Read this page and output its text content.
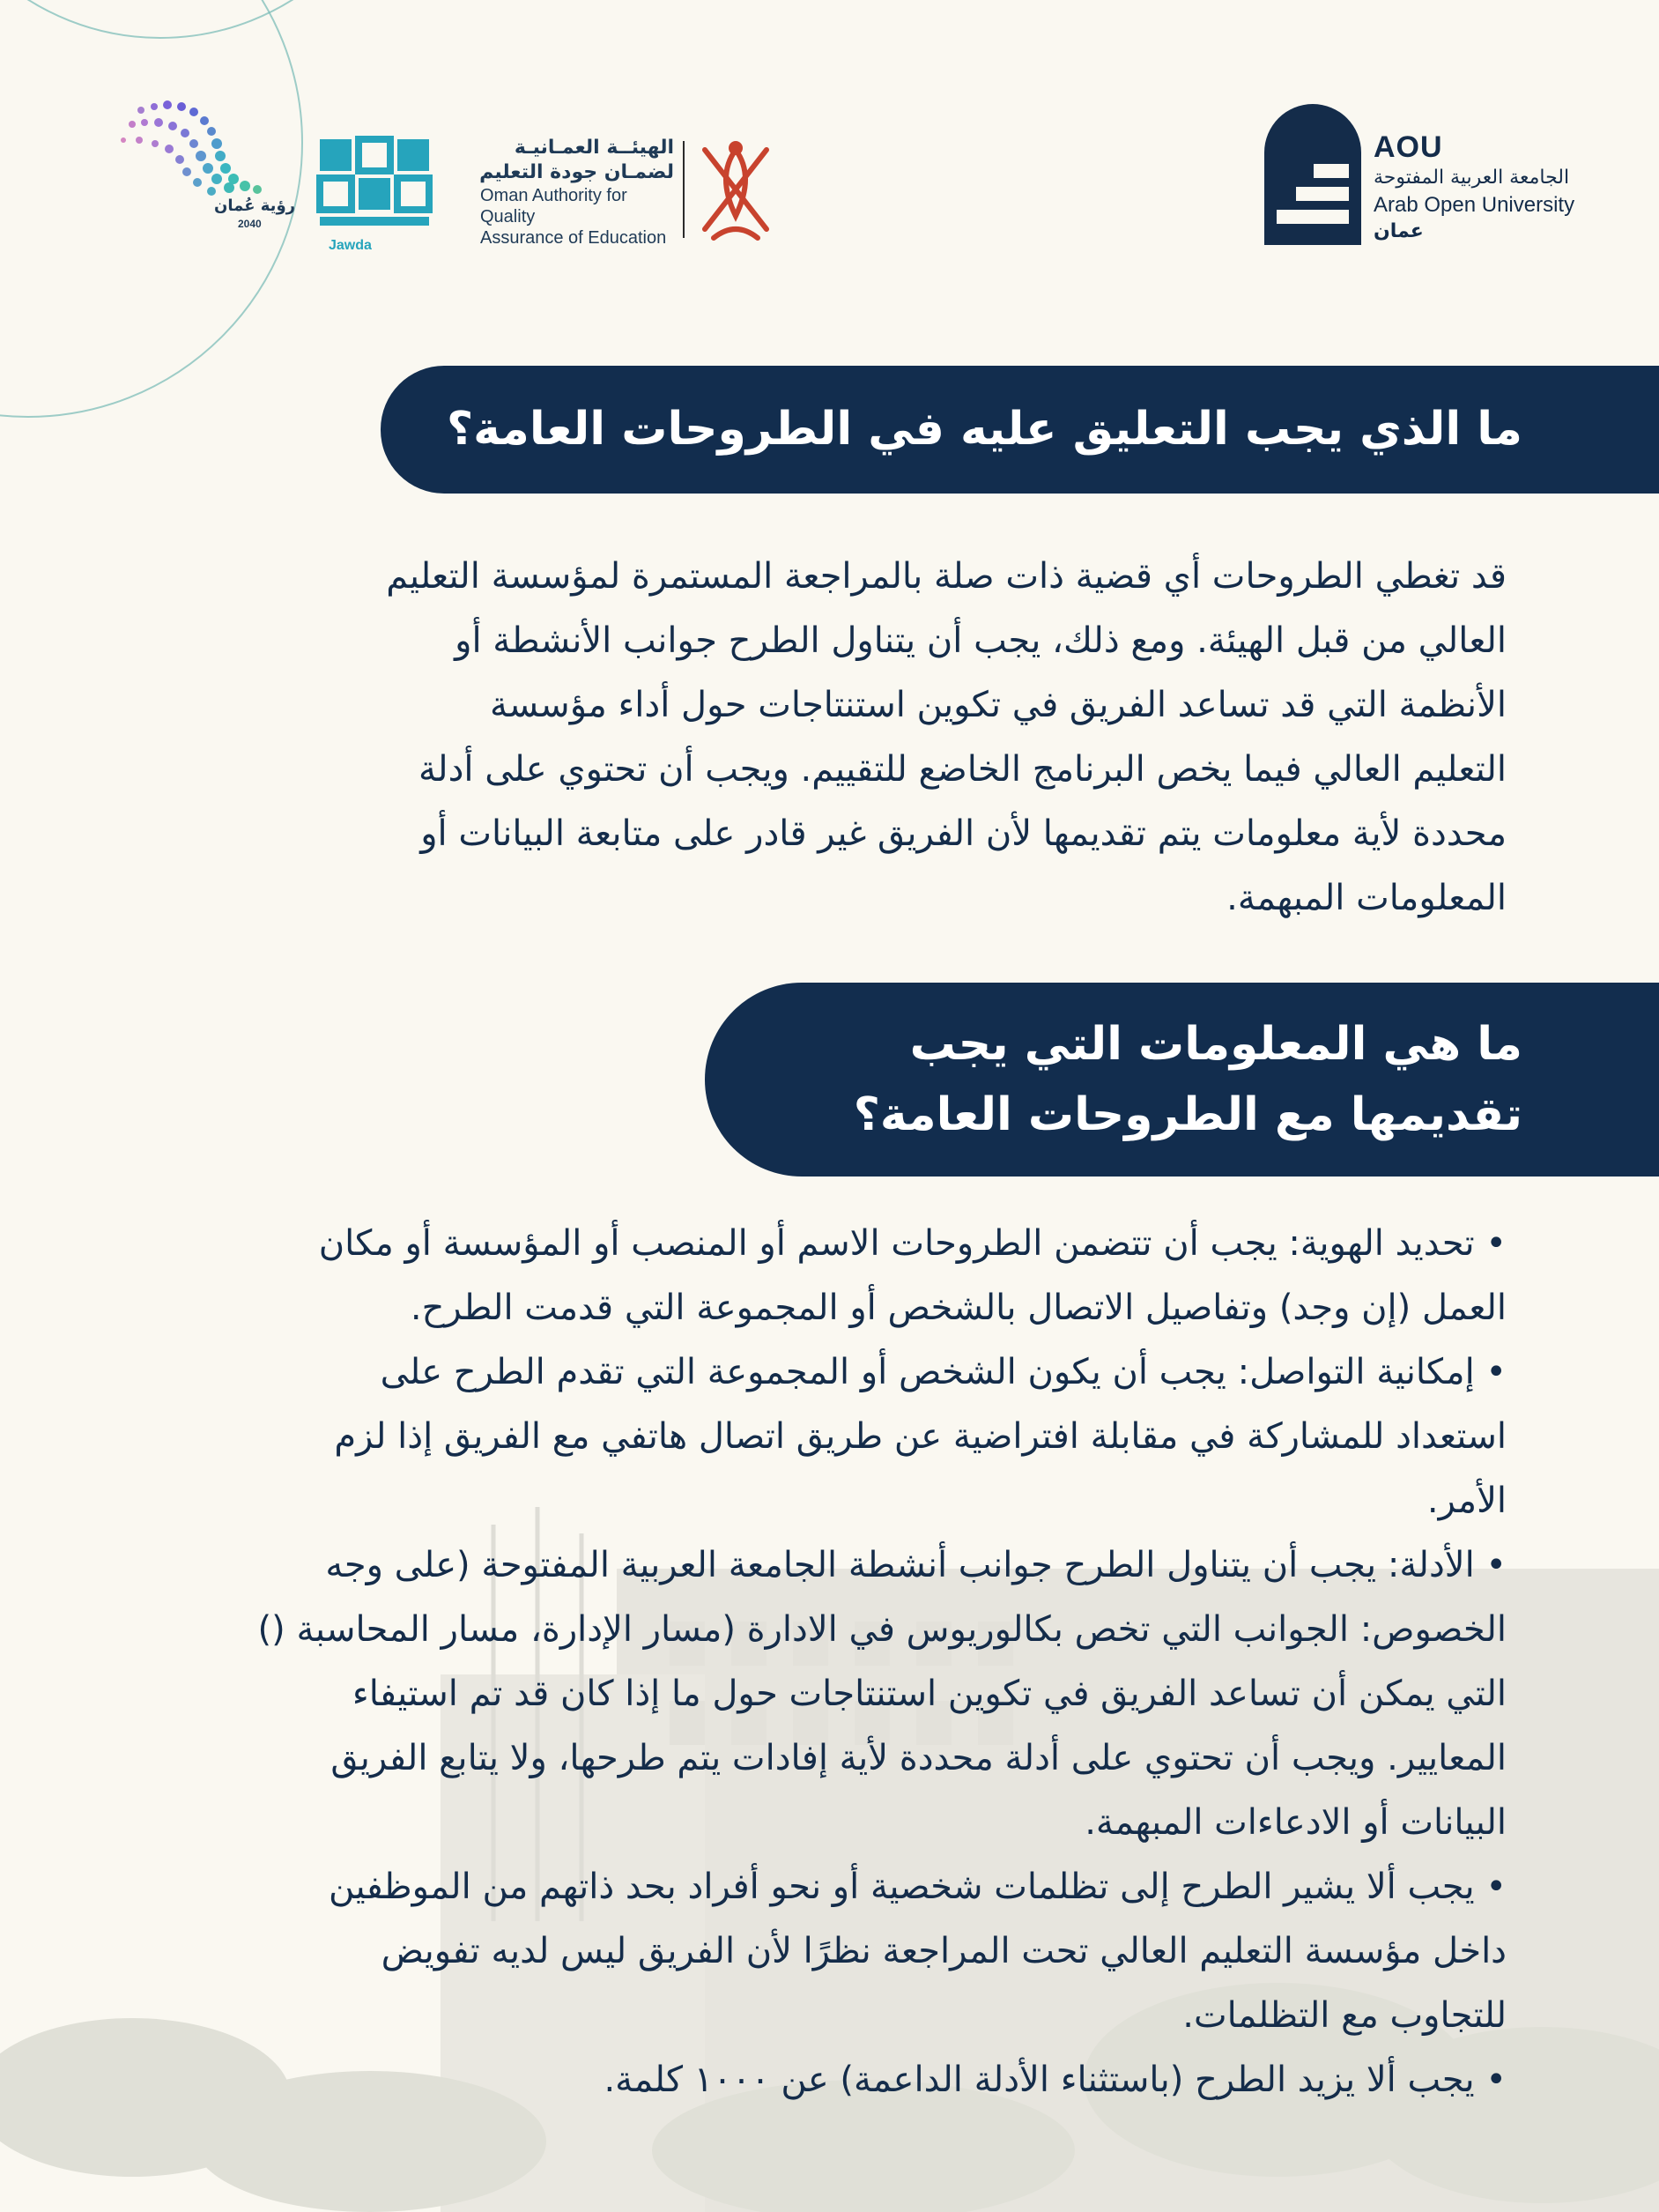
AOU
الجامعة العربية المفتوحة
Arab Open University
عمان
Jawda
الهيئــة العمـانيـة
لضمـان جودة التعليم
Oman Authority for Quality
Assurance of Education
رؤية عُمان
2040
ما الذي يجب التعليق عليه في الطروحات العامة؟
قد تغطي الطروحات أي قضية ذات صلة بالمراجعة المستمرة لمؤسسة التعليم
العالي من قبل الهيئة. ومع ذلك، يجب أن يتناول الطرح جوانب الأنشطة أو
الأنظمة التي قد تساعد الفريق في تكوين استنتاجات حول أداء مؤسسة
التعليم العالي فيما يخص البرنامج الخاضع للتقييم. ويجب أن تحتوي على أدلة
محددة لأية معلومات يتم تقديمها لأن الفريق غير قادر على متابعة البيانات أو
المعلومات المبهمة.
ما هي المعلومات التي يجب
تقديمها مع الطروحات العامة؟
• تحديد الهوية: يجب أن تتضمن الطروحات الاسم أو المنصب أو المؤسسة أو مكان
العمل (إن وجد) وتفاصيل الاتصال بالشخص أو المجموعة التي قدمت الطرح.
• إمكانية التواصل: يجب أن يكون الشخص أو المجموعة التي تقدم الطرح على
استعداد للمشاركة في مقابلة افتراضية عن طريق اتصال هاتفي مع الفريق إذا لزم
الأمر.
• الأدلة: يجب أن يتناول الطرح جوانب أنشطة الجامعة العربية المفتوحة (على وجه
الخصوص: الجوانب التي تخص بكالوريوس في الادارة (مسار الإدارة، مسار المحاسبة ()
التي يمكن أن تساعد الفريق في تكوين استنتاجات حول ما إذا كان قد تم استيفاء
المعايير. ويجب أن تحتوي على أدلة محددة لأية إفادات يتم طرحها، ولا يتابع الفريق
البيانات أو الادعاءات المبهمة.
• يجب ألا يشير الطرح إلى تظلمات شخصية أو نحو أفراد بحد ذاتهم من الموظفين
داخل مؤسسة التعليم العالي تحت المراجعة نظرًا لأن الفريق ليس لديه تفويض
للتجاوب مع التظلمات.
• يجب ألا يزيد الطرح (باستثناء الأدلة الداعمة) عن ١٠٠٠ كلمة.
